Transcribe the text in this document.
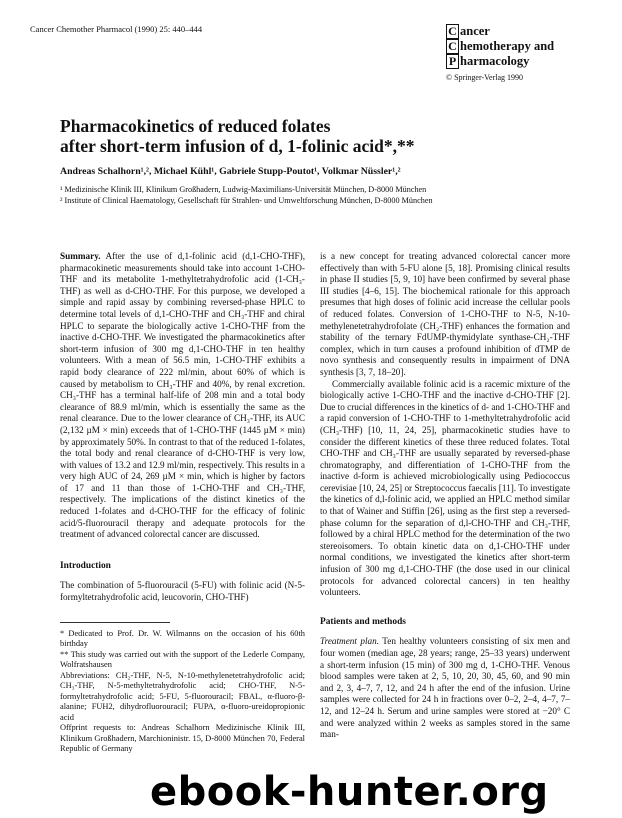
Cancer Chemother Pharmacol (1990) 25: 440–444	C ancer
C hemotherapy and
P harmacology
© Springer-Verlag 1990
Pharmacokinetics of reduced folates
after short-term infusion of d, 1-folinic acid*,**
Andreas Schalhorn¹,², Michael Kühl¹, Gabriele Stupp-Poutot¹, Volkmar Nüssler¹,²
¹ Medizinische Klinik III, Klinikum Großhadern, Ludwig-Maximilians-Universität München, D-8000 München
² Institute of Clinical Haematology, Gesellschaft für Strahlen- und Umweltforschung München, D-8000 München

Summary. After the use of d,1-folinic acid (d,1-CHO-THF), pharmacokinetic measurements should take into account 1-CHO-THF and its metabolite 1-methyltetrahydrofolic acid (1-CH₃-THF) as well as d-CHO-THF. For this purpose, we developed a simple and rapid assay by combining reversed-phase HPLC to determine total levels of d,1-CHO-THF and CH₃-THF and chiral HPLC to separate the biologically active 1-CHO-THF from the inactive d-CHO-THF. We investigated the pharmacokinetics after short-term infusion of 300 mg d,1-CHO-THF in ten healthy volunteers. With a mean of 56.5 min, 1-CHO-THF exhibits a rapid body clearance of 222 ml/min, about 60% of which is caused by metabolism to CH₃-THF and 40%, by renal excretion. CH₃-THF has a terminal half-life of 208 min and a total body clearance of 88.9 ml/min, which is essentially the same as the renal clearance. Due to the lower clearance of CH₃-THF, its AUC (2,132 µM × min) exceeds that of 1-CHO-THF (1445 µM × min) by approximately 50%. In contrast to that of the reduced 1-folates, the total body and renal clearance of d-CHO-THF is very low, with values of 13.2 and 12.9 ml/min, respectively. This results in a very high AUC of 24, 269 µM × min, which is higher by factors of 17 and 11 than those of 1-CHO-THF and CH₃-THF, respectively. The implications of the distinct kinetics of the reduced 1-folates and d-CHO-THF for the efficacy of folinic acid/5-fluorouracil therapy and adequate protocols for the treatment of advanced colorectal cancer are discussed.

Introduction

The combination of 5-fluorouracil (5-FU) with folinic acid (N-5-formyltetrahydrofolic acid, leucovorin, CHO-THF)

* Dedicated to Prof. Dr. W. Wilmanns on the occasion of his 60th birthday

** This study was carried out with the support of the Lederle Company, Wolfratshausen

Abbreviations: CH₂-THF, N-5, N-10-methylenetetrahydrofolic acid; CH₃-THF, N-5-methyltetrahydrofolic acid; CHO-THF, N-5-formyltetrahydrofolic acid; 5-FU, 5-fluorouracil; FBAL, α-fluoro-β-alanine; FUH2, dihydrofluorouracil; FUPA, α-fluoro-ureidopropionic acid

Offprint requests to: Andreas Schalhorn Medizinische Klinik III, Klinikum Großhadern, Marchioninistr. 15, D-8000 München 70, Federal Republic of Germany

is a new concept for treating advanced colorectal cancer more effectively than with 5-FU alone [5, 18]. Promising clinical results in phase II studies [5, 9, 10] have been confirmed by several phase III studies [4–6, 15]. The biochemical rationale for this approach presumes that high doses of folinic acid increase the cellular pools of reduced folates. Conversion of 1-CHO-THF to N-5, N-10-methylenetetrahydrofolate (CH₂-THF) enhances the formation and stability of the ternary FdUMP-thymidylate synthase-CH₂-THF complex, which in turn causes a profound inhibition of dTMP de novo synthesis and consequently results in impairment of DNA synthesis [3, 7, 18–20].

Commercially available folinic acid is a racemic mixture of the biologically active 1-CHO-THF and the inactive d-CHO-THF [2]. Due to crucial differences in the kinetics of d- and 1-CHO-THF and a rapid conversion of 1-CHO-THF to 1-methyltetrahydrofolic acid (CH₃-THF) [10, 11, 24, 25], pharmacokinetic studies have to consider the different kinetics of these three reduced folates. Total CHO-THF and CH₃-THF are usually separated by reversed-phase chromatography, and differentiation of 1-CHO-THF from the inactive d-form is achieved microbiologically using Pediococcus cerevisiae [10, 24, 25] or Streptococcus faecalis [11]. To investigate the kinetics of d,l-folinic acid, we applied an HPLC method similar to that of Wainer and Stiffin [26], using as the first step a reversed-phase column for the separation of d,l-CHO-THF and CH₃-THF, followed by a chiral HPLC method for the determination of the two stereoisomers. To obtain kinetic data on d,1-CHO-THF under normal conditions, we investigated the kinetics after short-term infusion of 300 mg d,1-CHO-THF (the dose used in our clinical protocols for advanced colorectal cancers) in ten healthy volunteers.

Patients and methods

Treatment plan. Ten healthy volunteers consisting of six men and four women (median age, 28 years; range, 25–33 years) underwent a short-term infusion (15 min) of 300 mg d, 1-CHO-THF. Venous blood samples were taken at 2, 5, 10, 20, 30, 45, 60, and 90 min and 2, 3, 4–7, 7, 12, and 24 h after the end of the infusion. Urine samples were collected for 24 h in fractions over 0–2, 2–4, 4–7, 7–12, and 12–24 h. Serum and urine samples were stored at −20° C and were analyzed within 2 weeks as samples stored in the same man-

ebook-hunter.org
